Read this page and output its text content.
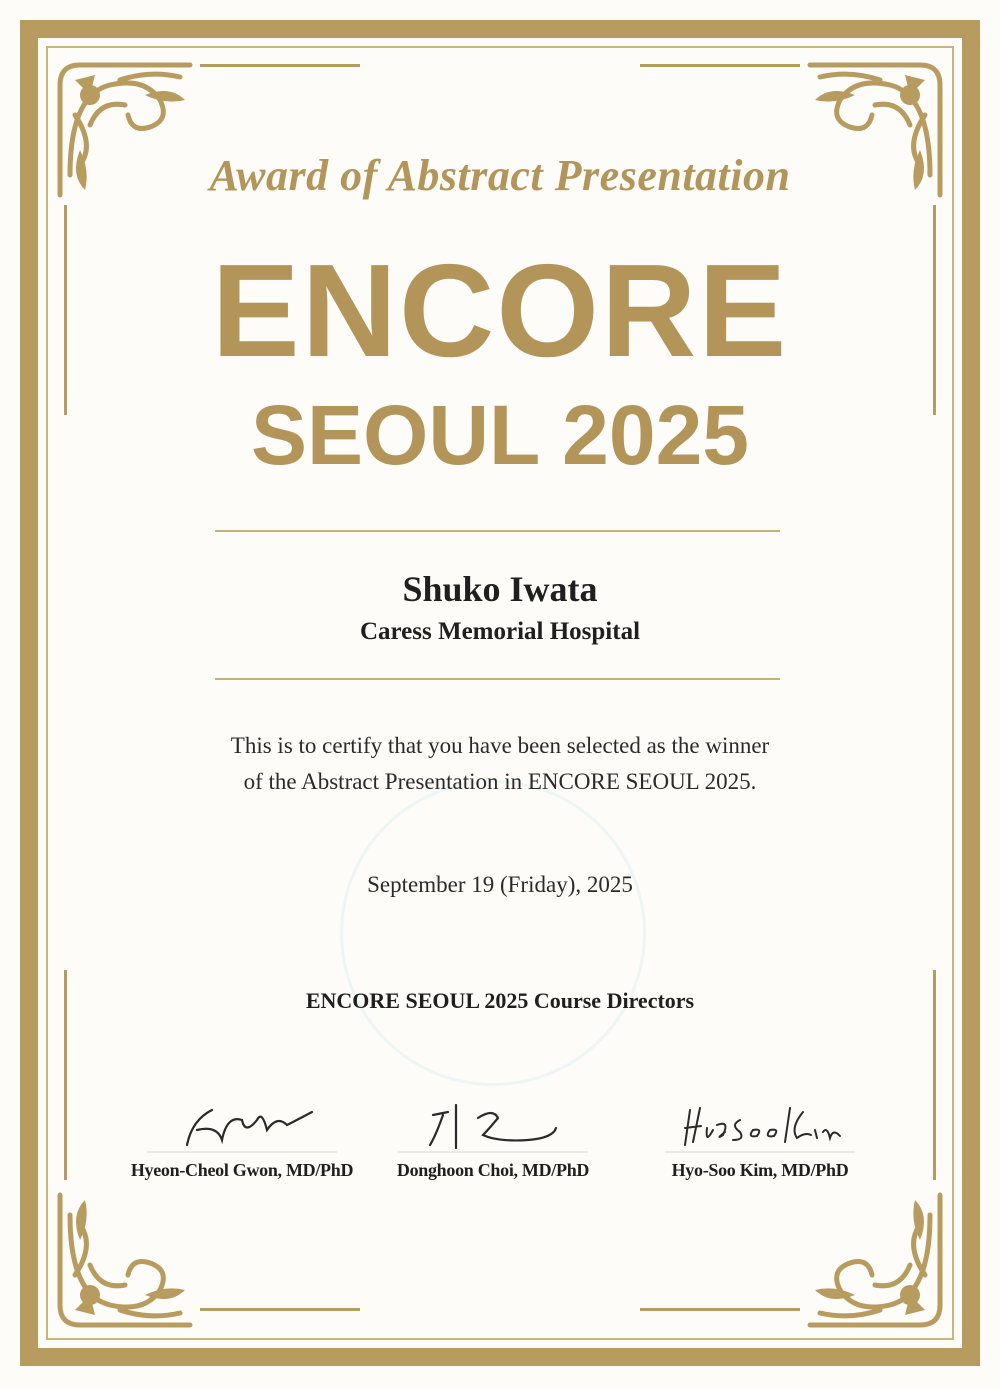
Award of Abstract Presentation
ENCORE
SEOUL 2025
Shuko Iwata
Caress Memorial Hospital
This is to certify that you have been selected as the winner
of the Abstract Presentation in ENCORE SEOUL 2025.
September 19 (Friday), 2025
ENCORE SEOUL 2025 Course Directors
Hyeon-Cheol Gwon, MD/PhD	Donghoon Choi, MD/PhD	Hyo-Soo Kim, MD/PhD
